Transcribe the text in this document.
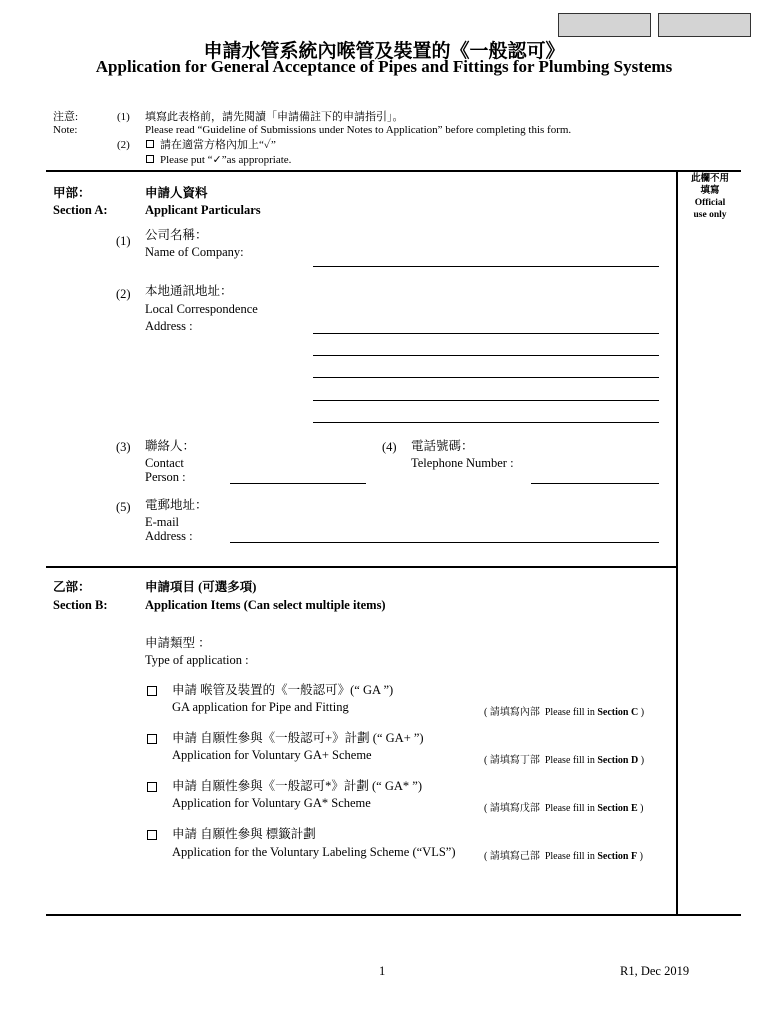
申請水管系統內喉管及裝置的《一般認可》
Application for General Acceptance of Pipes and Fittings for Plumbing Systems
注意:
Note:
(1) 填寫此表格前，請先閱讀「申請備註下的申請指引」。
Please read “Guideline of Submissions under Notes to Application” before completing this form.
(2)	請在適當方格內加上“✓”
Please put “✓”as appropriate.
此欄不用
填寫
Official
use only
甲部：
Section A:
申請人資料
Applicant Particulars
(1) 公司名稱：
Name of Company:
(2) 本地通訊地址：
Local Correspondence
Address :
(3) 聯絡人：
Contact
Person :
(4) 電話號碼：
Telephone Number :
(5) 電郵地址：
E-mail
Address :
乙部：
Section B:
申請項目 (可選多項)
Application Items (Can select multiple items)
申請類型 ：
Type of application :
申請 喉管及裝置的《一般認可》(“ GA ”)
GA application for Pipe and Fitting	( 請填寫內部 Please fill in Section C )
申請 自願性參與《一般認可+》計劃 (“ GA+ ”)
Application for Voluntary GA+ Scheme	( 請填寫丁部 Please fill in Section D )
申請 自願性參與《一般認可*》計劃 (“ GA* ”)
Application for Voluntary GA* Scheme	( 請填寫戊部 Please fill in Section E )
申請 自願性參與 標籤計劃
Application for the Voluntary Labeling Scheme (“VLS”)	( 請填寫己部 Please fill in Section F )
1	R1, Dec 2019
